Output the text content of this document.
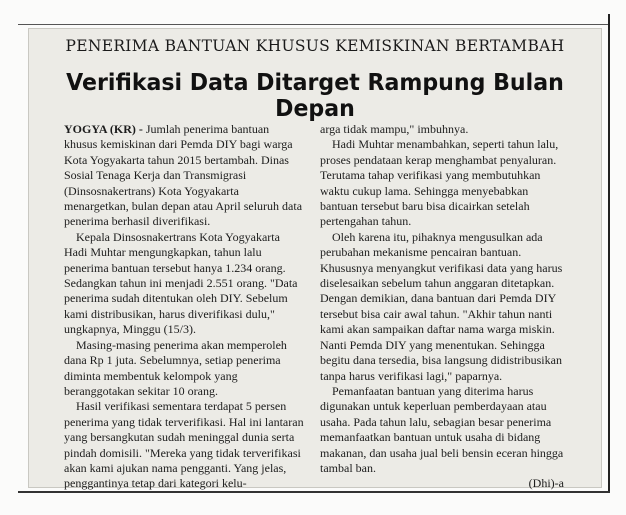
PENERIMA BANTUAN KHUSUS KEMISKINAN BERTAMBAH
Verifikasi Data Ditarget Rampung Bulan Depan

YOGYA (KR) - Jumlah penerima bantuan khusus kemiskinan dari Pemda DIY bagi warga Kota Yogyakarta tahun 2015 bertambah. Dinas Sosial Tenaga Kerja dan Transmigrasi (Dinsosnakertrans) Kota Yogyakarta menargetkan, bulan depan atau April seluruh data penerima berhasil diverifikasi.

Kepala Dinsosnakertrans Kota Yogyakarta Hadi Muhtar mengungkapkan, tahun lalu penerima bantuan tersebut hanya 1.234 orang. Sedangkan tahun ini menjadi 2.551 orang. "Data penerima sudah ditentukan oleh DIY. Sebelum kami distribusikan, harus diverifikasi dulu," ungkapnya, Minggu (15/3).

Masing-masing penerima akan memperoleh dana Rp 1 juta. Sebelumnya, setiap penerima diminta membentuk kelompok yang beranggotakan sekitar 10 orang.

Hasil verifikasi sementara terdapat 5 persen penerima yang tidak terverifikasi. Hal ini lantaran yang bersangkutan sudah meninggal dunia serta pindah domisili. "Mereka yang tidak terverifikasi akan kami ajukan nama pengganti. Yang jelas, penggantinya tetap dari kategori kelu-

arga tidak mampu," imbuhnya.

Hadi Muhtar menambahkan, seperti tahun lalu, proses pendataan kerap menghambat penyaluran. Terutama tahap verifikasi yang membutuhkan waktu cukup lama. Sehingga menyebabkan bantuan tersebut baru bisa dicairkan setelah pertengahan tahun.

Oleh karena itu, pihaknya mengusulkan ada perubahan mekanisme pencairan bantuan. Khususnya menyangkut verifikasi data yang harus diselesaikan sebelum tahun anggaran ditetapkan. Dengan demikian, dana bantuan dari Pemda DIY tersebut bisa cair awal tahun. "Akhir tahun nanti kami akan sampaikan daftar nama warga miskin. Nanti Pemda DIY yang menentukan. Sehingga begitu dana tersedia, bisa langsung didistribusikan tanpa harus verifikasi lagi," paparnya.

Pemanfaatan bantuan yang diterima harus digunakan untuk keperluan pemberdayaan atau usaha. Pada tahun lalu, sebagian besar penerima memanfaatkan bantuan untuk usaha di bidang makanan, dan usaha jual beli bensin eceran hingga tambal ban.

(Dhi)-a
